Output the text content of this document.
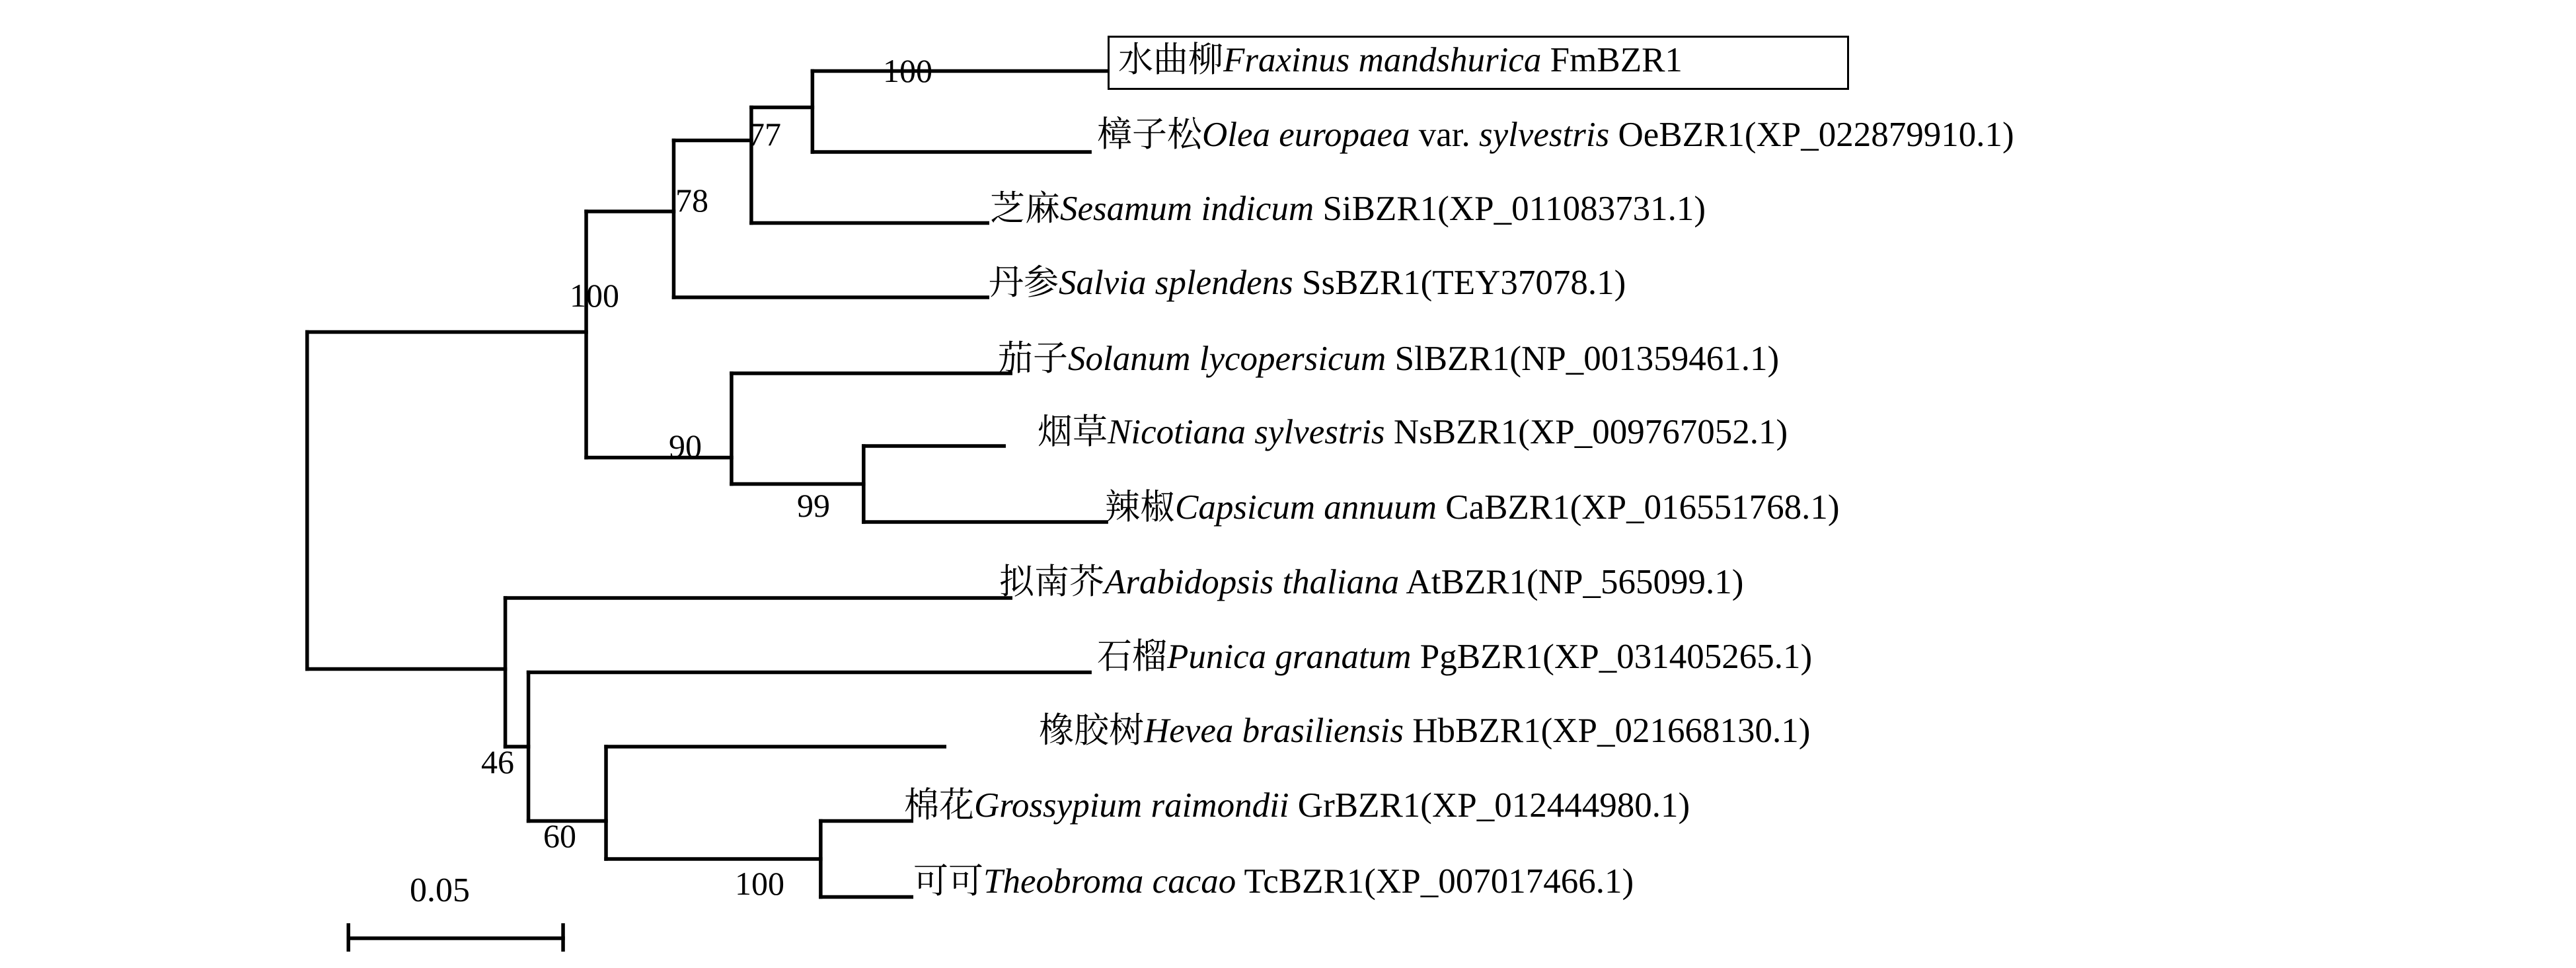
水曲柳Fraxinus mandshurica FmBZR1
樟子松Olea europaea var. sylvestris OeBZR1(XP_022879910.1)
芝麻Sesamum indicum SiBZR1(XP_011083731.1)
丹参Salvia splendens SsBZR1(TEY37078.1)
茄子Solanum lycopersicum SlBZR1(NP_001359461.1)
烟草Nicotiana sylvestris NsBZR1(XP_009767052.1)
辣椒Capsicum annuum CaBZR1(XP_016551768.1)
拟南芥Arabidopsis thaliana AtBZR1(NP_565099.1)
石榴Punica granatum PgBZR1(XP_031405265.1)
橡胶树Hevea brasiliensis HbBZR1(XP_021668130.1)
棉花Grossypium raimondii GrBZR1(XP_012444980.1)
可可Theobroma cacao TcBZR1(XP_007017466.1)
100
77
78
100
90
99
46
60
100
0.05
